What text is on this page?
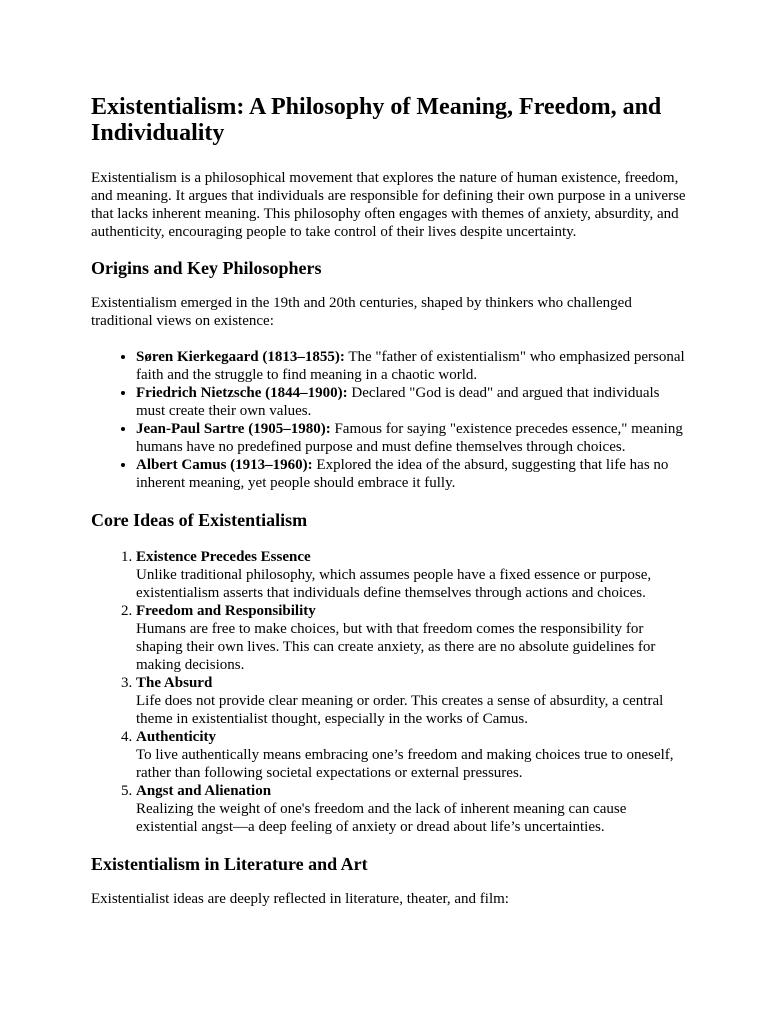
Existentialism: A Philosophy of Meaning, Freedom, and Individuality

Existentialism is a philosophical movement that explores the nature of human existence, freedom, and meaning. It argues that individuals are responsible for defining their own purpose in a universe that lacks inherent meaning. This philosophy often engages with themes of anxiety, absurdity, and authenticity, encouraging people to take control of their lives despite uncertainty.

Origins and Key Philosophers

Existentialism emerged in the 19th and 20th centuries, shaped by thinkers who challenged traditional views on existence:

• Søren Kierkegaard (1813–1855): The "father of existentialism" who emphasized personal faith and the struggle to find meaning in a chaotic world.
• Friedrich Nietzsche (1844–1900): Declared "God is dead" and argued that individuals must create their own values.
• Jean-Paul Sartre (1905–1980): Famous for saying "existence precedes essence," meaning humans have no predefined purpose and must define themselves through choices.
• Albert Camus (1913–1960): Explored the idea of the absurd, suggesting that life has no inherent meaning, yet people should embrace it fully.
Core Ideas of Existentialism
1. Existence Precedes Essence
Unlike traditional philosophy, which assumes people have a fixed essence or purpose, existentialism asserts that individuals define themselves through actions and choices.
2. Freedom and Responsibility
Humans are free to make choices, but with that freedom comes the responsibility for shaping their own lives. This can create anxiety, as there are no absolute guidelines for making decisions.
3. The Absurd
Life does not provide clear meaning or order. This creates a sense of absurdity, a central theme in existentialist thought, especially in the works of Camus.
4. Authenticity
To live authentically means embracing one’s freedom and making choices true to oneself, rather than following societal expectations or external pressures.
5. Angst and Alienation
Realizing the weight of one's freedom and the lack of inherent meaning can cause existential angst—a deep feeling of anxiety or dread about life’s uncertainties.
Existentialism in Literature and Art

Existentialist ideas are deeply reflected in literature, theater, and film:
